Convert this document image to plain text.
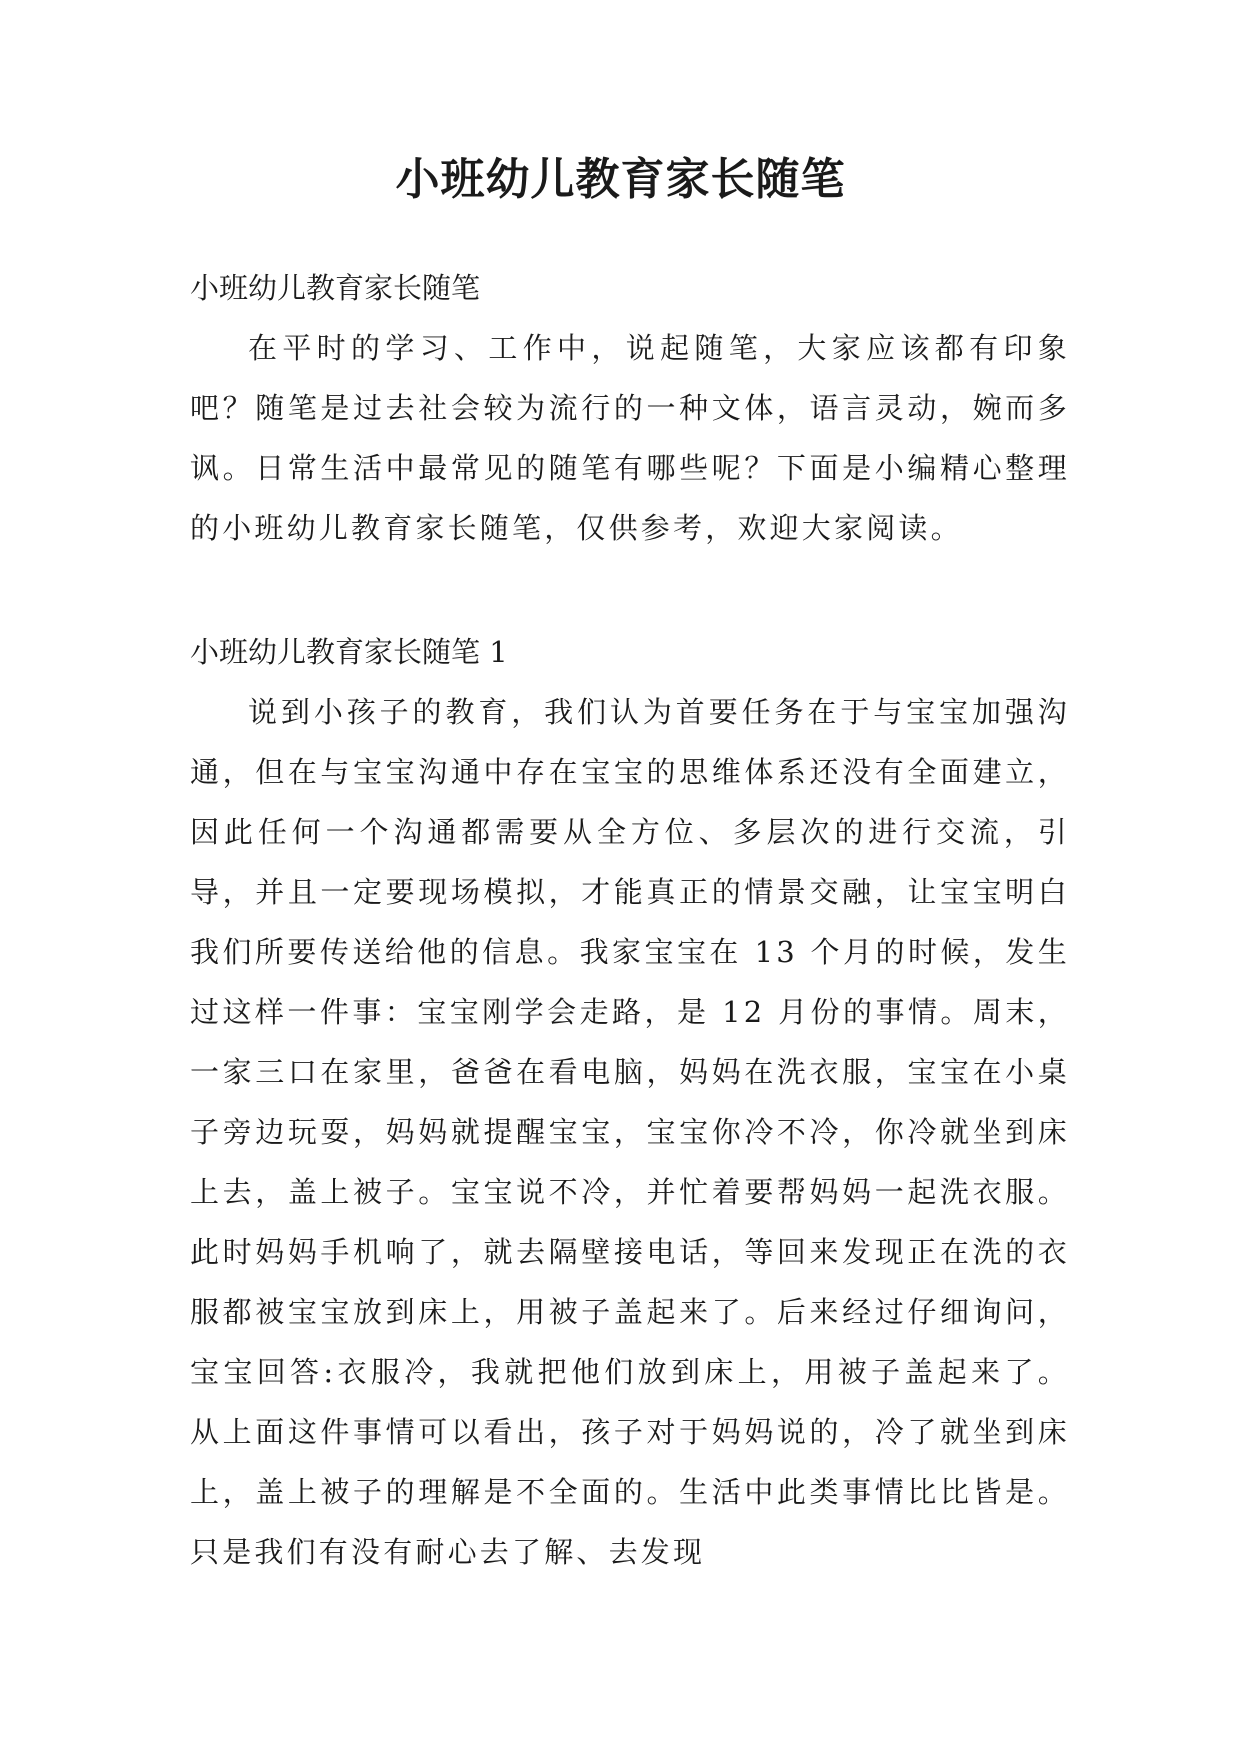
小班幼儿教育家长随笔

小班幼儿教育家长随笔

在平时的学习、工作中，说起随笔，大家应该都有印象吧？随笔是过去社会较为流行的一种文体，语言灵动，婉而多讽。日常生活中最常见的随笔有哪些呢？下面是小编精心整理的小班幼儿教育家长随笔，仅供参考，欢迎大家阅读。

小班幼儿教育家长随笔 1

说到小孩子的教育，我们认为首要任务在于与宝宝加强沟通，但在与宝宝沟通中存在宝宝的思维体系还没有全面建立，因此任何一个沟通都需要从全方位、多层次的进行交流，引导，并且一定要现场模拟，才能真正的情景交融，让宝宝明白我们所要传送给他的信息。我家宝宝在 13 个月的时候，发生过这样一件事：宝宝刚学会走路，是 12 月份的事情。周末，一家三口在家里，爸爸在看电脑，妈妈在洗衣服，宝宝在小桌子旁边玩耍，妈妈就提醒宝宝，宝宝你冷不冷，你冷就坐到床上去，盖上被子。宝宝说不冷，并忙着要帮妈妈一起洗衣服。此时妈妈手机响了，就去隔壁接电话，等回来发现正在洗的衣服都被宝宝放到床上，用被子盖起来了。后来经过仔细询问，宝宝回答:衣服冷，我就把他们放到床上，用被子盖起来了。从上面这件事情可以看出，孩子对于妈妈说的，冷了就坐到床上，盖上被子的理解是不全面的。生活中此类事情比比皆是。只是我们有没有耐心去了解、去发现
